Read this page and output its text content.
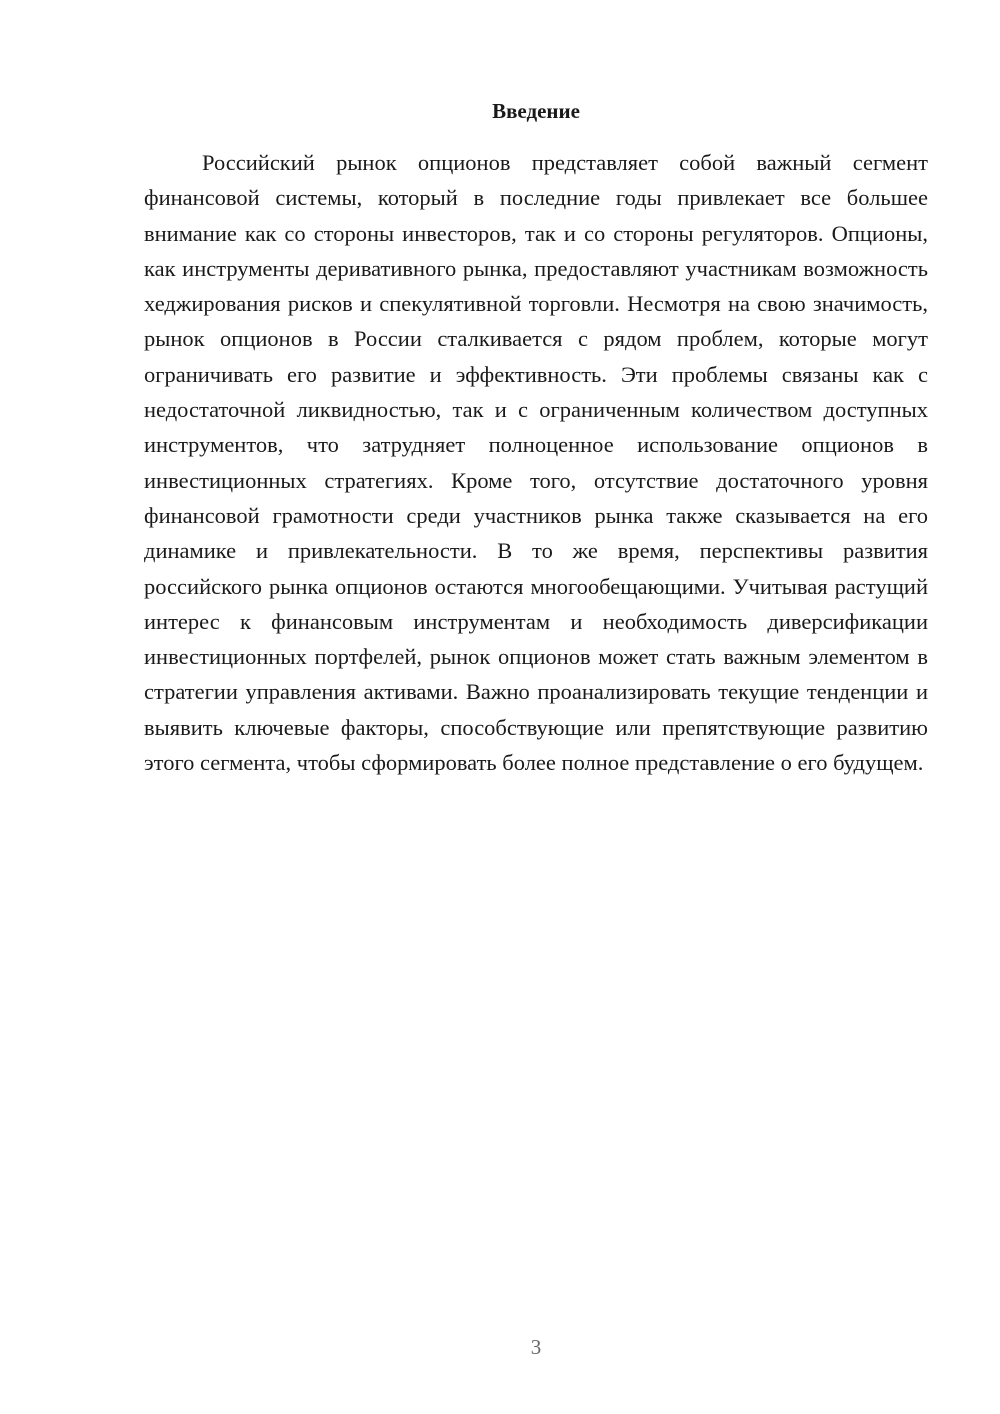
Введение

Российский рынок опционов представляет собой важный сегмент финансовой системы, который в последние годы привлекает все большее внимание как со стороны инвесторов, так и со стороны регуляторов. Опционы, как инструменты деривативного рынка, предоставляют участникам возможность хеджирования рисков и спекулятивной торговли. Несмотря на свою значимость, рынок опционов в России сталкивается с рядом проблем, которые могут ограничивать его развитие и эффективность. Эти проблемы связаны как с недостаточной ликвидностью, так и с ограниченным количеством доступных инструментов, что затрудняет полноценное использование опционов в инвестиционных стратегиях. Кроме того, отсутствие достаточного уровня финансовой грамотности среди участников рынка также сказывается на его динамике и привлекательности. В то же время, перспективы развития российского рынка опционов остаются многообещающими. Учитывая растущий интерес к финансовым инструментам и необходимость диверсификации инвестиционных портфелей, рынок опционов может стать важным элементом в стратегии управления активами. Важно проанализировать текущие тенденции и выявить ключевые факторы, способствующие или препятствующие развитию этого сегмента, чтобы сформировать более полное представление о его будущем.

3
